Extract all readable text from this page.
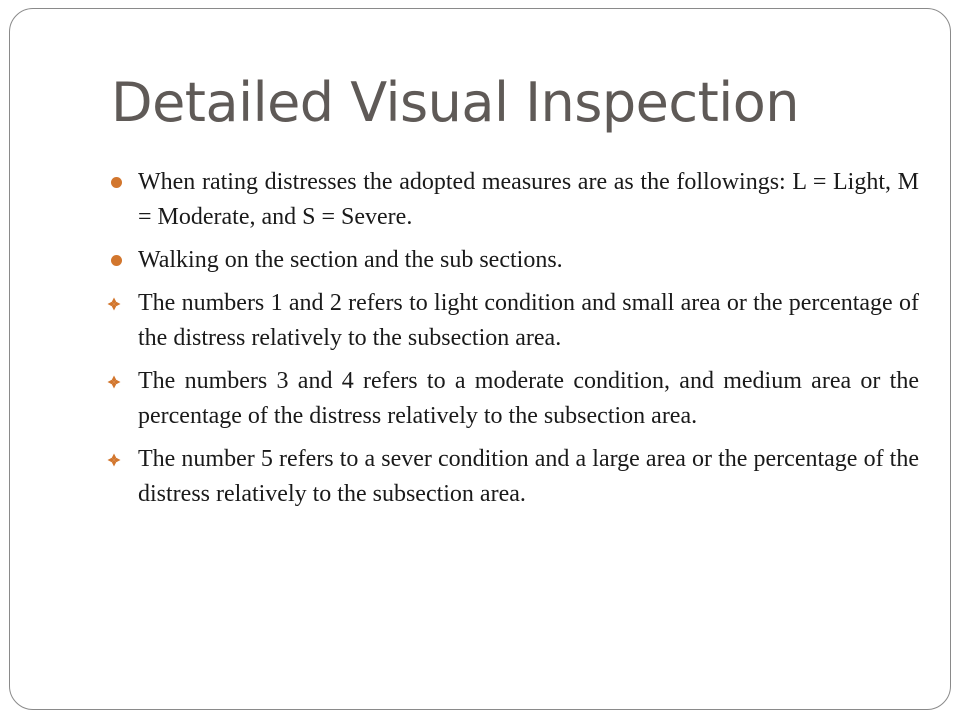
Detailed Visual Inspection
When rating distresses the adopted measures are as the followings: L = Light, M = Moderate, and S = Severe.
Walking on the section and the sub sections.
The numbers 1 and 2 refers to light condition and small area or the percentage of the distress relatively to the subsection area.
The numbers 3 and 4 refers to a moderate condition, and medium area or the percentage of the distress relatively to the subsection area.
The number 5 refers to a sever condition and a large area or the percentage of the distress relatively to the subsection area.
